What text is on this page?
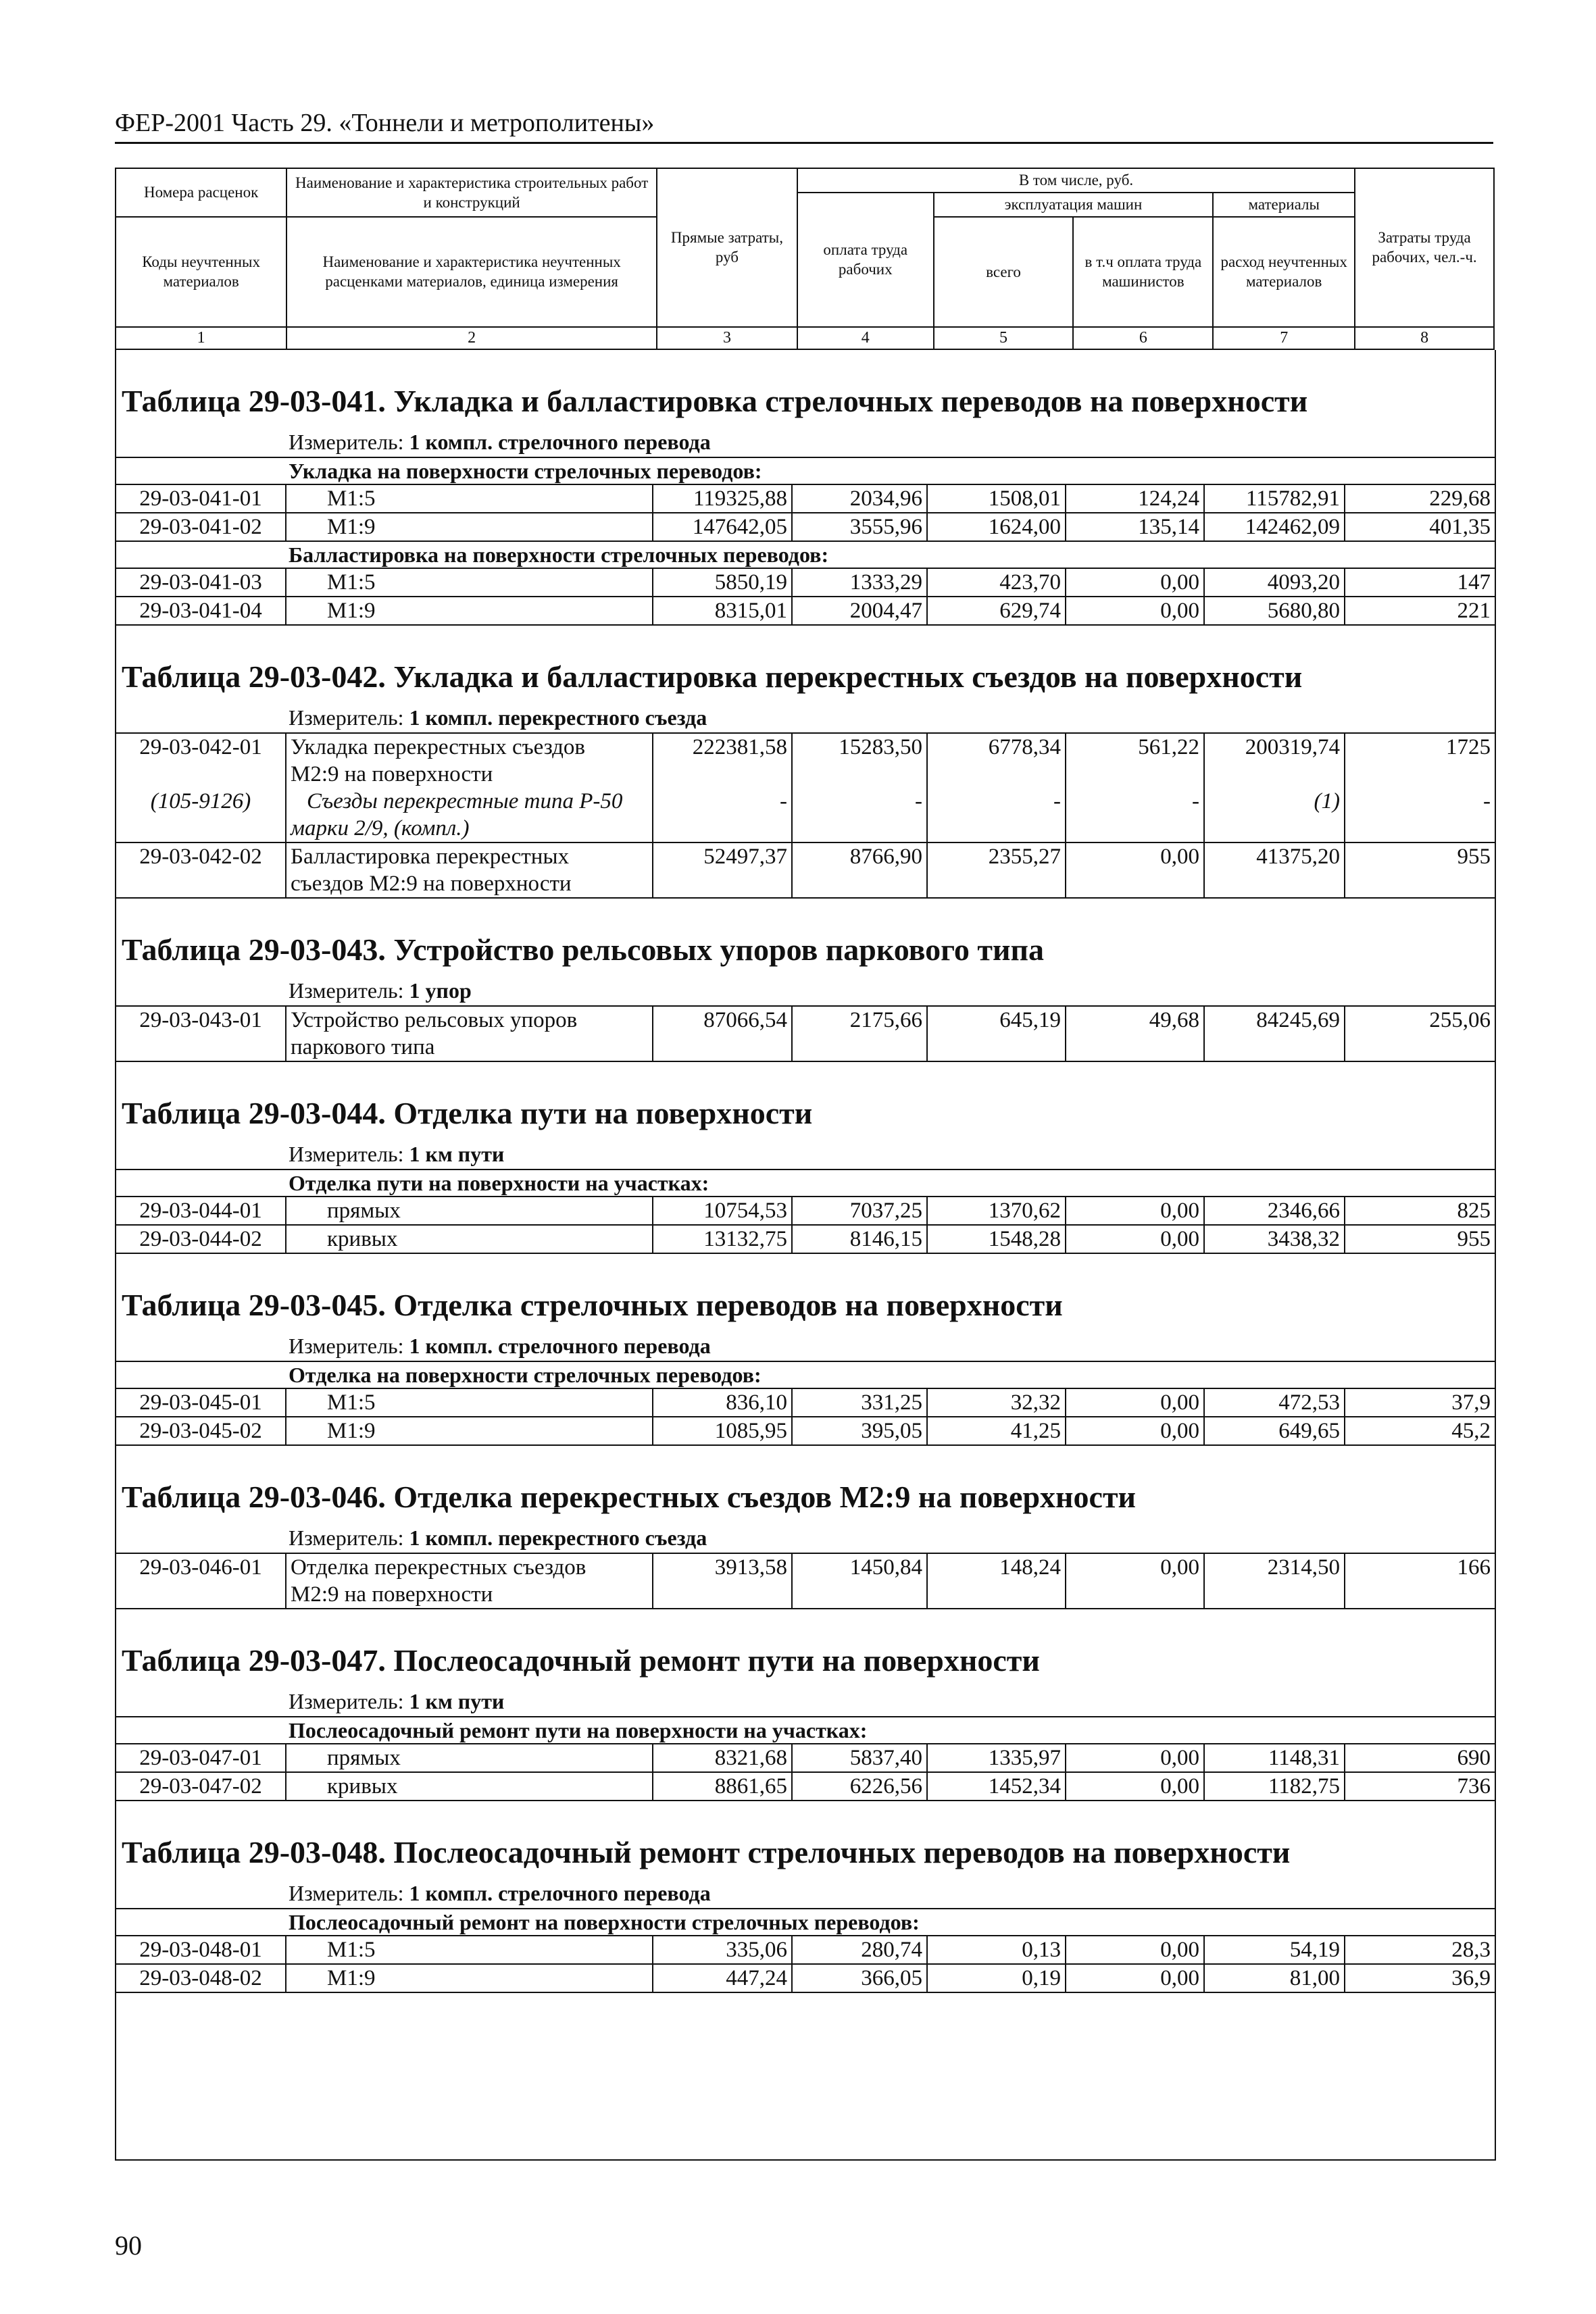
ФЕР-2001 Часть 29. «Тоннели и метрополитены»
Номера расценок	Наименование и характеристика строительных работ и конструкций	Прямые затраты, руб	В том числе, руб.				Затраты труда рабочих, чел.-ч.
			оплата труда рабочих	эксплуатация машин		материалы	
Коды неучтенных материалов	Наименование и характеристика неучтенных расценками материалов, единица измерения			всего	в т.ч оплата труда машинистов	расход неучтенных материалов	

1	2	3	4	5	6	7	8
Таблица 29-03-041. Укладка и балластировка стрелочных переводов на поверхности							
Измеритель: 1 компл. стрелочного перевода							
Укладка на поверхности стрелочных переводов:							
29-03-041-01	М1:5	119325,88	2034,96	1508,01	124,24	115782,91	229,68
29-03-041-02	М1:9	147642,05	3555,96	1624,00	135,14	142462,09	401,35
Балластировка на поверхности стрелочных переводов:							
29-03-041-03	М1:5	5850,19	1333,29	423,70	0,00	4093,20	147
29-03-041-04	М1:9	8315,01	2004,47	629,74	0,00	5680,80	221
Таблица 29-03-042. Укладка и балластировка перекрестных съездов на поверхности							
Измеритель: 1 компл. перекрестного съезда							
29-03-042-01	Укладка перекрестных съездов	222381,58	15283,50	6778,34	561,22	200319,74	1725
	М2:9 на поверхности						
(105-9126)	Съезды перекрестные типа Р-50	-	-	-	-	(1)	-
	марки 2/9, (компл.)						
29-03-042-02	Балластировка перекрестных	52497,37	8766,90	2355,27	0,00	41375,20	955
	съездов М2:9 на поверхности						
Таблица 29-03-043. Устройство рельсовых упоров паркового типа							
Измеритель: 1 упор							
29-03-043-01	Устройство рельсовых упоров	87066,54	2175,66	645,19	49,68	84245,69	255,06
	паркового типа						
Таблица 29-03-044. Отделка пути на поверхности							
Измеритель: 1 км пути							
Отделка пути на поверхности на участках:							
29-03-044-01	прямых	10754,53	7037,25	1370,62	0,00	2346,66	825
29-03-044-02	кривых	13132,75	8146,15	1548,28	0,00	3438,32	955
Таблица 29-03-045. Отделка стрелочных переводов на поверхности							
Измеритель: 1 компл. стрелочного перевода							
Отделка на поверхности стрелочных переводов:							
29-03-045-01	М1:5	836,10	331,25	32,32	0,00	472,53	37,9
29-03-045-02	М1:9	1085,95	395,05	41,25	0,00	649,65	45,2
Таблица 29-03-046. Отделка перекрестных съездов М2:9 на поверхности							
Измеритель: 1 компл. перекрестного съезда							
29-03-046-01	Отделка перекрестных съездов	3913,58	1450,84	148,24	0,00	2314,50	166
	М2:9 на поверхности						
Таблица 29-03-047. Послеосадочный ремонт пути на поверхности							
Измеритель: 1 км пути							
Послеосадочный ремонт пути на поверхности на участках:							
29-03-047-01	прямых	8321,68	5837,40	1335,97	0,00	1148,31	690
29-03-047-02	кривых	8861,65	6226,56	1452,34	0,00	1182,75	736
Таблица 29-03-048. Послеосадочный ремонт стрелочных переводов на поверхности							
Измеритель: 1 компл. стрелочного перевода							
Послеосадочный ремонт на поверхности стрелочных переводов:							
29-03-048-01	М1:5	335,06	280,74	0,13	0,00	54,19	28,3
29-03-048-02	М1:9	447,24	366,05	0,19	0,00	81,00	36,9
90
